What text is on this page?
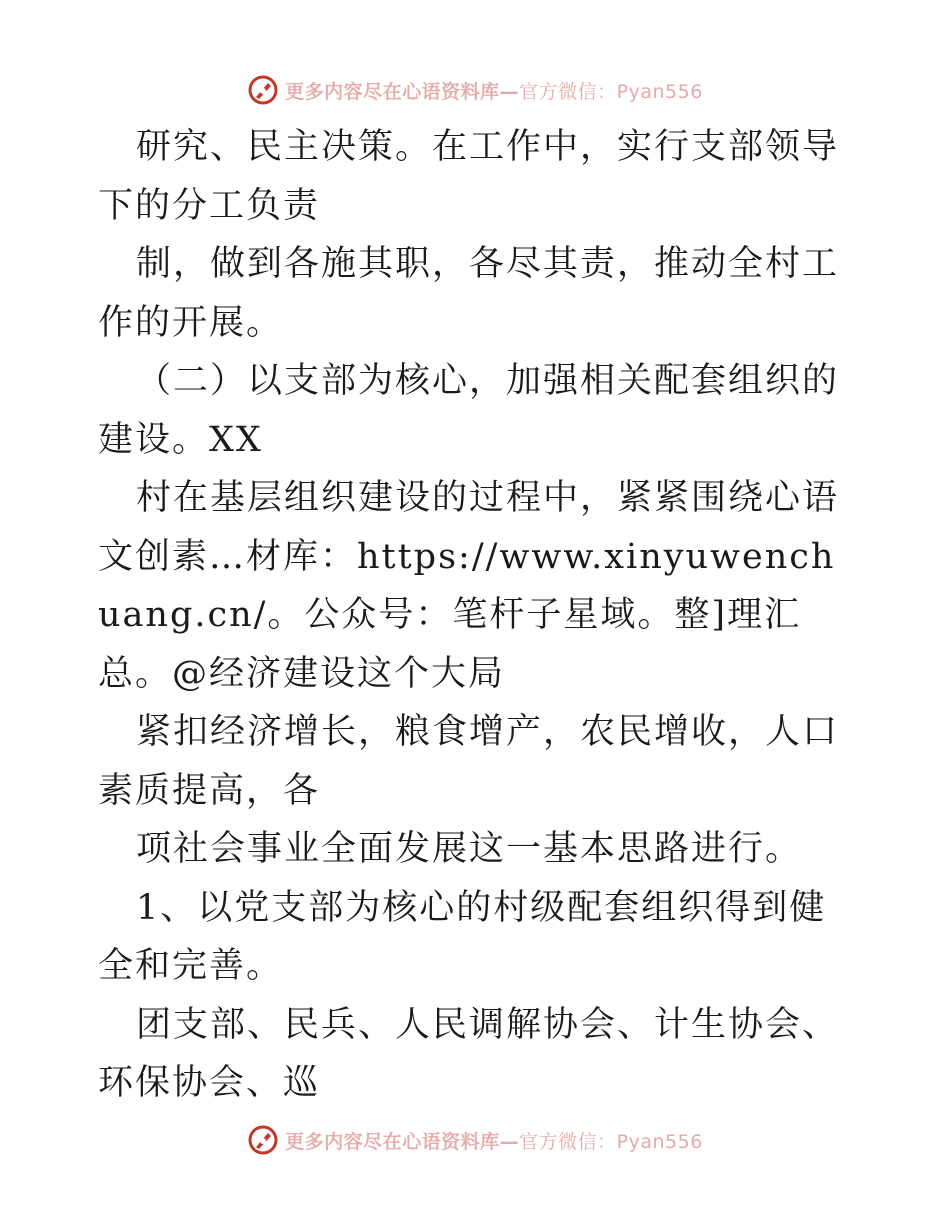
更多内容尽在心语资料库—官方微信：Pyan556

研究、民主决策。在工作中，实行支部领导下的分工负责

制，做到各施其职，各尽其责，推动全村工作的开展。

（二）以支部为核心，加强相关配套组织的建设。XX

村在基层组织建设的过程中，紧紧围绕心语文创素…材库：https://www.xinyuwenchuang.cn/。公众号：笔杆子星域。整]理汇总。@经济建设这个大局

紧扣经济增长，粮食增产，农民增收，人口素质提高，各

项社会事业全面发展这一基本思路进行。

1、以党支部为核心的村级配套组织得到健全和完善。

团支部、民兵、人民调解协会、计生协会、环保协会、巡

更多内容尽在心语资料库—官方微信：Pyan556
